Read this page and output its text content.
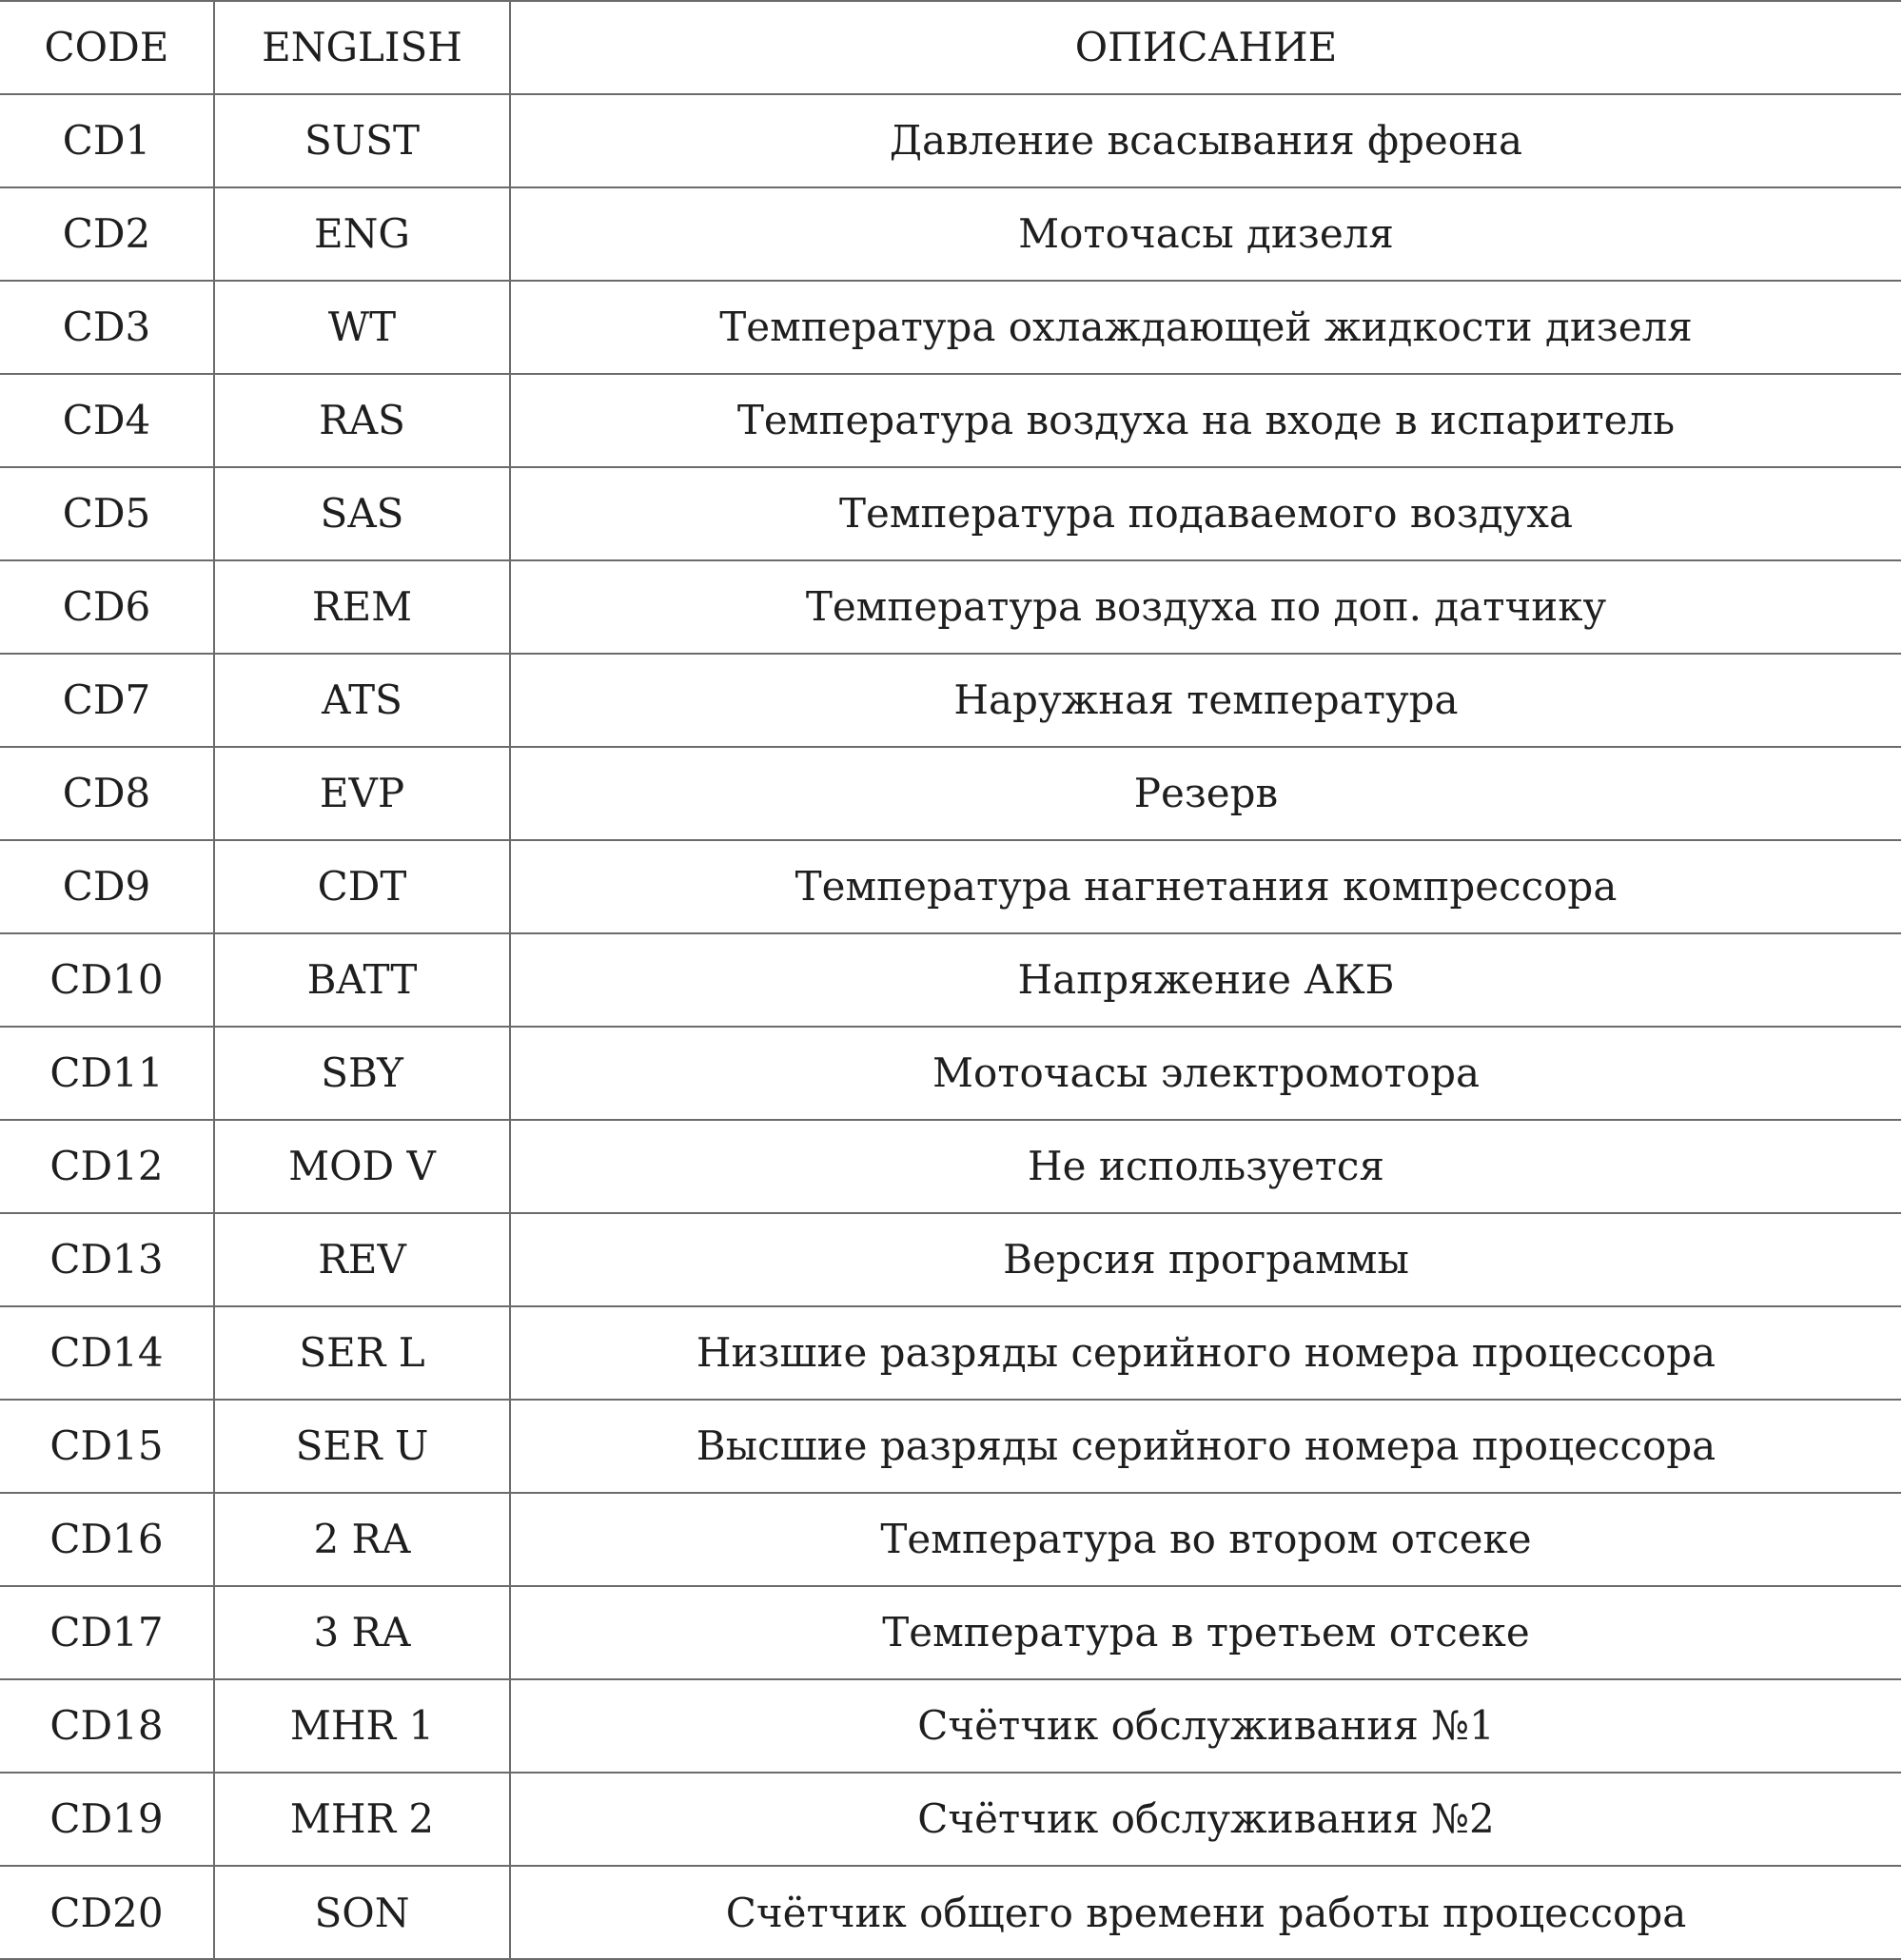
CODE	ENGLISH	ОПИСАНИЕ
CD1	SUST	Давление всасывания фреона
CD2	ENG	Моточасы дизеля
CD3	WT	Температура охлаждающей жидкости дизеля
CD4	RAS	Температура воздуха на входе в испаритель
CD5	SAS	Температура подаваемого воздуха
CD6	REM	Температура воздуха по доп. датчику
CD7	ATS	Наружная температура
CD8	EVP	Резерв
CD9	CDT	Температура нагнетания компрессора
CD10	BATT	Напряжение АКБ
CD11	SBY	Моточасы электромотора
CD12	MOD V	Не используется
CD13	REV	Версия программы
CD14	SER L	Низшие разряды серийного номера процессора
CD15	SER U	Высшие разряды серийного номера процессора
CD16	2 RA	Температура во втором отсеке
CD17	3 RA	Температура в третьем отсеке
CD18	MHR 1	Счётчик обслуживания №1
CD19	MHR 2	Счётчик обслуживания №2
CD20	SON	Счётчик общего времени работы процессора
